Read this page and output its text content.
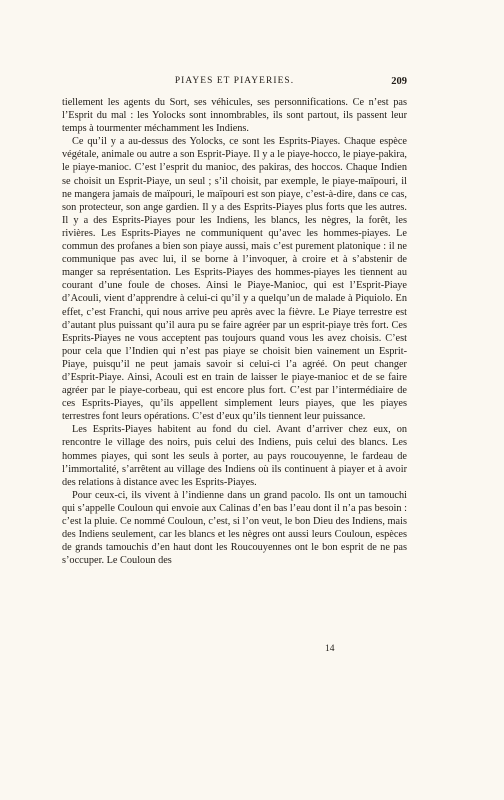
PIAYES ET PIAYERIES.	209

tiellement les agents du Sort, ses véhicules, ses personnifications. Ce n’est pas l’Esprit du mal : les Yolocks sont innombrables, ils sont partout, ils passent leur temps à tourmenter méchamment les Indiens.

Ce qu’il y a au-dessus des Yolocks, ce sont les Esprits-Piayes. Chaque espèce végétale, animale ou autre a son Esprit-Piaye. Il y a le piaye-hocco, le piaye-pakira, le piaye-manioc. C’est l’esprit du manioc, des pakiras, des hoccos. Chaque Indien se choisit un Esprit-Piaye, un seul ; s’il choisit, par exemple, le piaye-maïpouri, il ne mangera jamais de maïpouri, le maïpouri est son piaye, c’est-à-dire, dans ce cas, son protecteur, son ange gardien. Il y a des Esprits-Piayes plus forts que les autres. Il y a des Esprits-Piayes pour les Indiens, les blancs, les nègres, la forêt, les rivières. Les Esprits-Piayes ne communiquent qu’avec les hommes-piayes. Le commun des profanes a bien son piaye aussi, mais c’est purement platonique : il ne communique pas avec lui, il se borne à l’invoquer, à croire et à s’abstenir de manger sa représentation. Les Esprits-Piayes des hommes-piayes les tiennent au courant d’une foule de choses. Ainsi le Piaye-Manioc, qui est l’Esprit-Piaye d’Acouli, vient d’apprendre à celui-ci qu’il y a quelqu’un de malade à Piquiolo. En effet, c’est Franchi, qui nous arrive peu après avec la fièvre. Le Piaye terrestre est d’autant plus puissant qu’il aura pu se faire agréer par un esprit-piaye très fort. Ces Esprits-Piayes ne vous acceptent pas toujours quand vous les avez choisis. C’est pour cela que l’Indien qui n’est pas piaye se choisit bien vainement un Esprit-Piaye, puisqu’il ne peut jamais savoir si celui-ci l’a agréé. On peut changer d’Esprit-Piaye. Ainsi, Acouli est en train de laisser le piaye-manioc et de se faire agréer par le piaye-corbeau, qui est encore plus fort. C’est par l’intermédiaire de ces Esprits-Piayes, qu’ils appellent simplement leurs piayes, que les piayes terrestres font leurs opérations. C’est d’eux qu’ils tiennent leur puissance.

Les Esprits-Piayes habitent au fond du ciel. Avant d’arriver chez eux, on rencontre le village des noirs, puis celui des Indiens, puis celui des blancs. Les hommes piayes, qui sont les seuls à porter, au pays roucouyenne, le fardeau de l’immortalité, s’arrêtent au village des Indiens où ils continuent à piayer et à avoir des relations à distance avec les Esprits-Piayes.

Pour ceux-ci, ils vivent à l’indienne dans un grand pacolo. Ils ont un tamouchi qui s’appelle Couloun qui envoie aux Calinas d’en bas l’eau dont il n’a pas besoin : c’est la pluie. Ce nommé Couloun, c’est, si l’on veut, le bon Dieu des Indiens, mais des Indiens seulement, car les blancs et les nègres ont aussi leurs Couloun, espèces de grands tamouchis d’en haut dont les Roucouyennes ont le bon esprit de ne pas s’occuper. Le Couloun des

14
